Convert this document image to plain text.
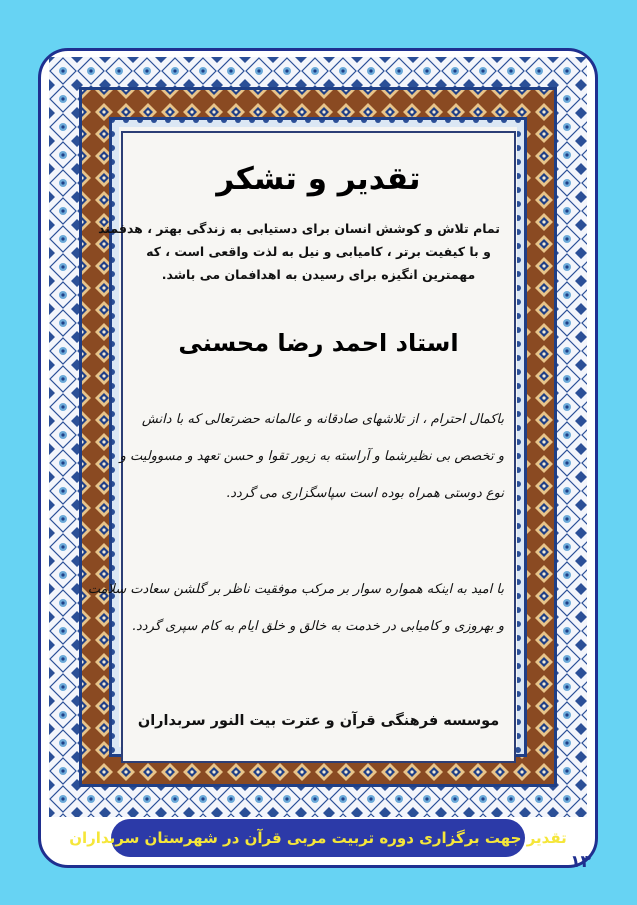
تقدیر و تشکر
تمام تلاش و کوشش انسان برای دستیابی به زندگی بهتر ، هدفمند
و با کیفیت برتر ، کامیابی و نیل به لذت واقعی است ، که
مهمترین انگیزه برای رسیدن به اهدافمان می باشد.
استاد احمد رضا محسنی
باکمال احترام ، از تلاشهای صادقانه و عالمانه حضرتعالی که با دانش
و تخصص بی نظیرشما و آراسته به زیور تقوا و حسن تعهد و مسوولیت و
نوع دوستی همراه بوده است سپاسگزاری می گردد.
با امید به اینکه همواره سوار بر مرکب موفقیت ناظر بر گلشن سعادت سلامت
و بهروزی و کامیابی در خدمت به خالق و خلق ایام به کام سپری گردد.
موسسه فرهنگی قرآن و عترت بیت النور سربداران
تقدیر جهت برگزاری دوره تربیت مربی قرآن در شهرستان سربداران
۱۳
